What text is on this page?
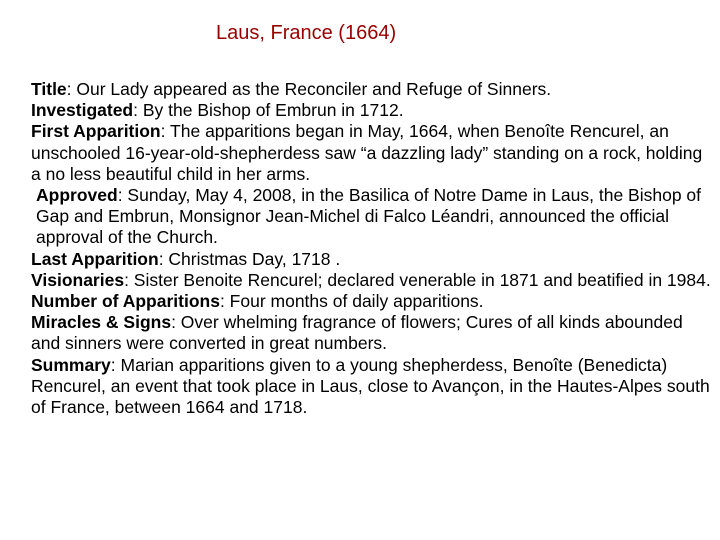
Laus, France (1664)

Title: Our Lady appeared as the Reconciler and Refuge of Sinners.

Investigated: By the Bishop of Embrun in 1712.

First Apparition: The apparitions began in May, 1664, when Benoîte Rencurel, an unschooled 16-year-old-shepherdess saw “a dazzling lady” standing on a rock, holding a no less beautiful child in her arms.

Approved: Sunday, May 4, 2008, in the Basilica of Notre Dame in Laus, the Bishop of Gap and Embrun, Monsignor Jean-Michel di Falco Léandri, announced the official approval of the Church.

Last Apparition: Christmas Day, 1718 .

Visionaries: Sister Benoite Rencurel; declared venerable in 1871 and beatified in 1984.

Number of Apparitions: Four months of daily apparitions.

Miracles & Signs: Over whelming fragrance of flowers; Cures of all kinds abounded and sinners were converted in great numbers.

Summary: Marian apparitions given to a young shepherdess, Benoîte (Benedicta) Rencurel, an event that took place in Laus, close to Avançon, in the Hautes-Alpes south of France, between 1664 and 1718.
